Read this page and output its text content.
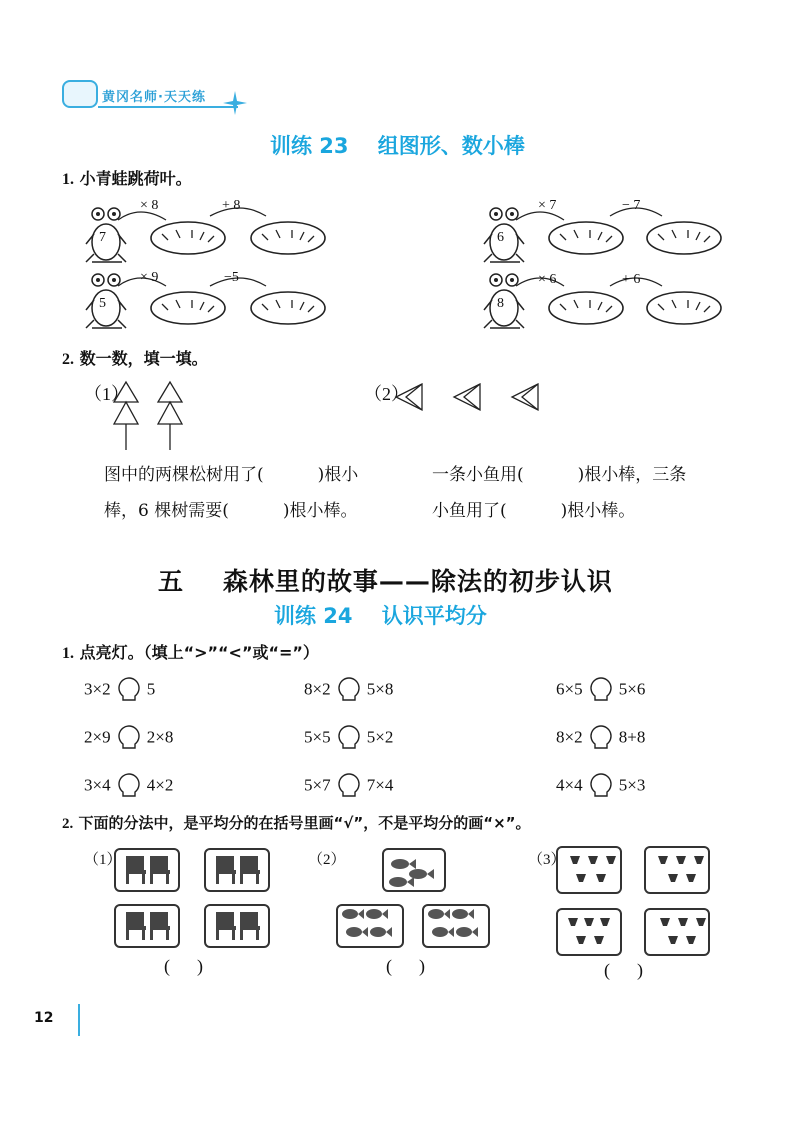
黄冈名师·天天练
训练 23    组图形、数小棒
1. 小青蛙跳荷叶。
7
× 8	+ 8
6
× 7	− 7
5
× 9	−5
8
× 6	+ 6
2. 数一数，填一填。
（1）	（2）
图中的两棵松树用了(          )根小
棒，6 棵树需要(          )根小棒。
一条小鱼用(          )根小棒，三条
小鱼用了(          )根小棒。
五    森林里的故事——除法的初步认识
训练 24    认识平均分
1. 点亮灯。（填上“>”“<”或“=”）
3×2 5	8×2 5×8	6×5 5×6
2×9 2×8	5×5 5×2	8×2 8+8
3×4 4×2	5×7 7×4	4×4 5×3
2. 下面的分法中，是平均分的在括号里画“√”，不是平均分的画“×”。
（1）
(      )
（2）
(      )
（3）
(      )
12
